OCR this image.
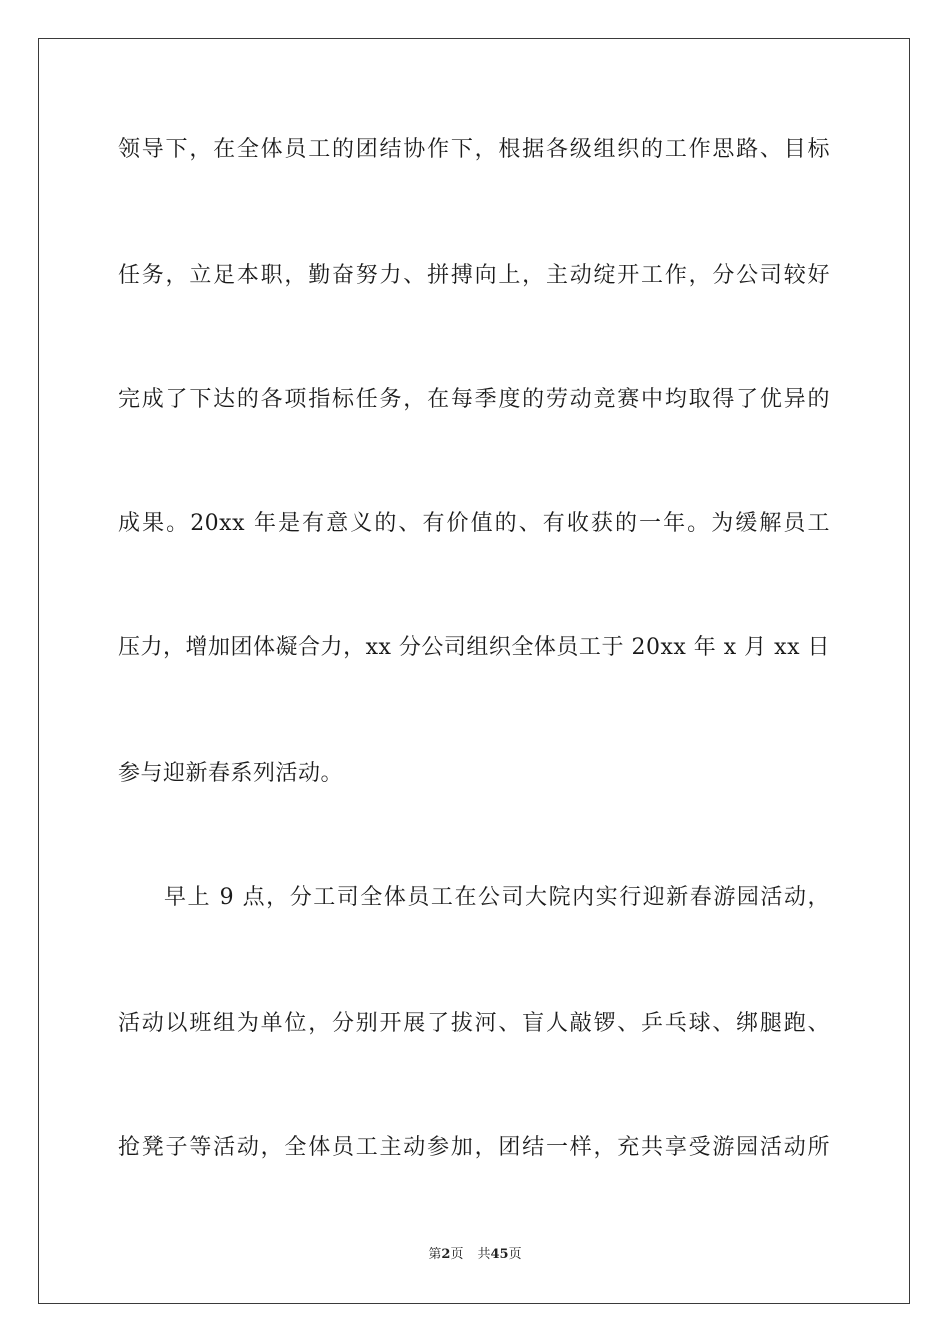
领导下，在全体员工的团结协作下，根据各级组织的工作思路、目标
任务，立足本职，勤奋努力、拼搏向上，主动绽开工作，分公司较好
完成了下达的各项指标任务，在每季度的劳动竞赛中均取得了优异的
成果。20xx 年是有意义的、有价值的、有收获的一年。为缓解员工
压力，增加团体凝合力，xx 分公司组织全体员工于 20xx 年 x 月 xx 日
参与迎新春系列活动。
早上 9 点，分工司全体员工在公司大院内实行迎新春游园活动，
活动以班组为单位，分别开展了拔河、盲人敲锣、乒乓球、绑腿跑、
抢凳子等活动，全体员工主动参加，团结一样，充共享受游园活动所
第2页 共45页
